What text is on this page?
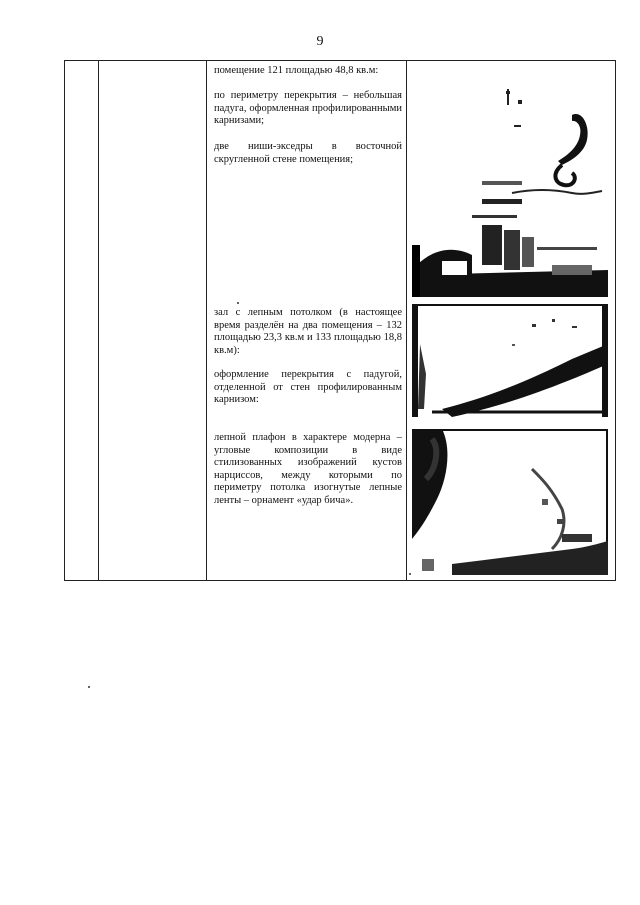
9

помещение 121 площадью 48,8 кв.м:

по периметру перекрытия – небольшая падуга, оформленная профилированными карнизами;

две ниши-экседры в восточной скругленной стене помещения;

зал с лепным потолком (в настоящее время разделён на два помещения – 132 площадью 23,3 кв.м и 133 площадью 18,8 кв.м):

оформление перекрытия с падугой, отделенной от стен профилированным карнизом:

лепной плафон в характере модерна – угловые композиции в виде стилизованных изображений кустов нарциссов, между которыми по периметру потолка изогнутые лепные ленты – орнамент «удар бича».
